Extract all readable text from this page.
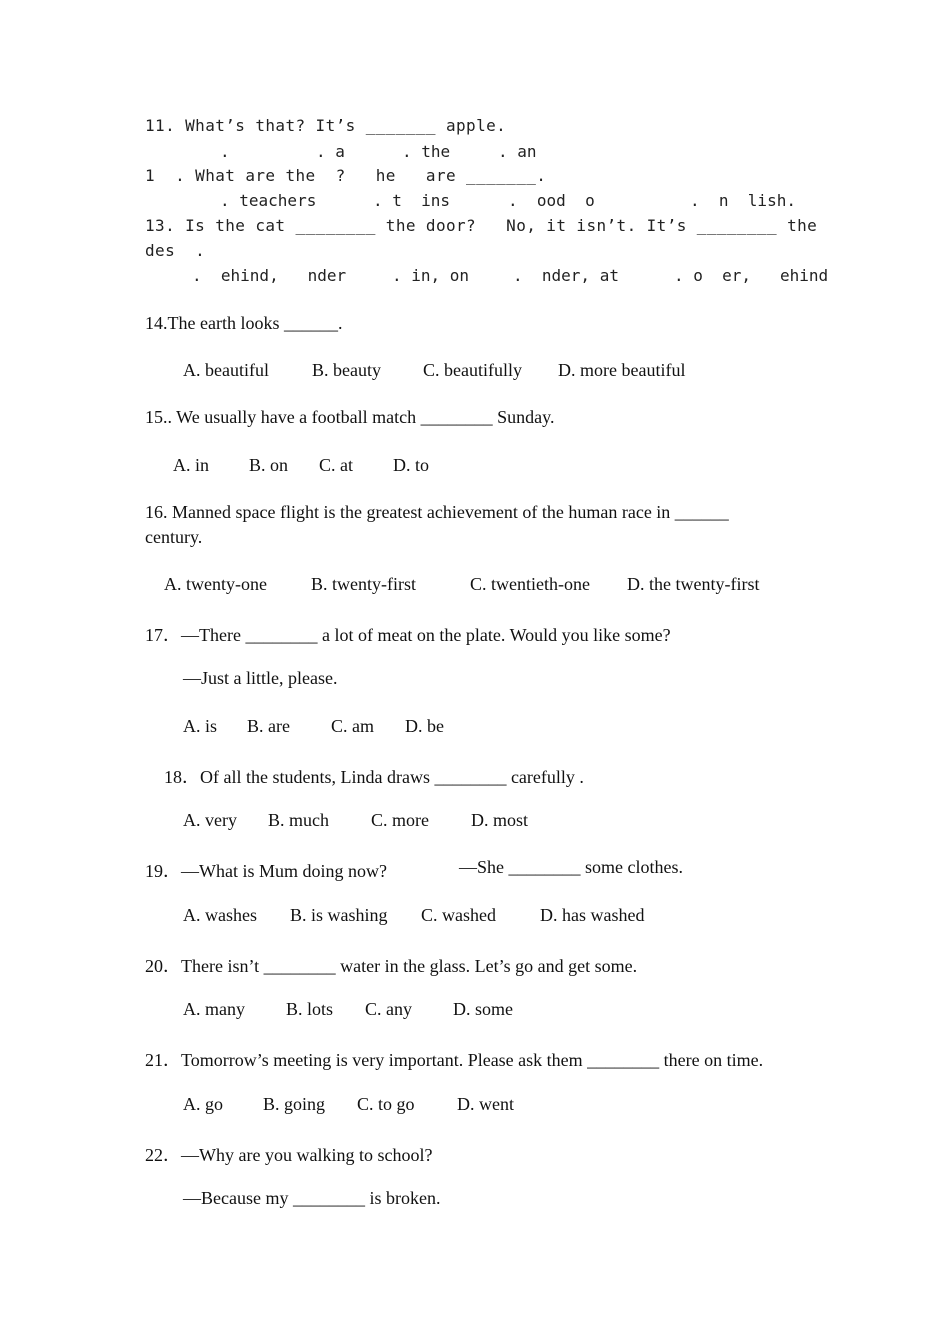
11. What’s that? It’s _______ apple.
.	. a	. the	. an
1  . What are the  ?   he   are _______.
. teachers	. t  ins	.  ood  o	.  n  lish.
13. Is the cat ________ the door?   No, it isn’t. It’s ________ the
des  .
.  ehind,   nder	. in, on	.  nder, at	. o  er,   ehind
14.The earth looks ______.
A. beautiful B. beauty C. beautifully D. more beautiful
15.. We usually have a football match ________ Sunday.
A. in B. on C. at D. to
16. Manned space flight is the greatest achievement of the human race in ______
century.
A. twenty-one B. twenty-first	C. twentieth-one D. the twenty-first
17．—There ________ a lot of meat on the plate. Would you like some?
—Just a little, please.
A. is B. are C. am D. be
18．Of all the students, Linda draws ________ carefully .
A. very B. much C. more D. most
19．—What is Mum doing now?	—She ________ some clothes.
A. washes B. is washing C. washed D. has washed
20．There isn’t ________ water in the glass. Let’s go and get some.
A. many B. lots C. any D. some
21．Tomorrow’s meeting is very important. Please ask them ________ there on time.
A. go B. going C. to go D. went
22．—Why are you walking to school?
—Because my ________ is broken.
